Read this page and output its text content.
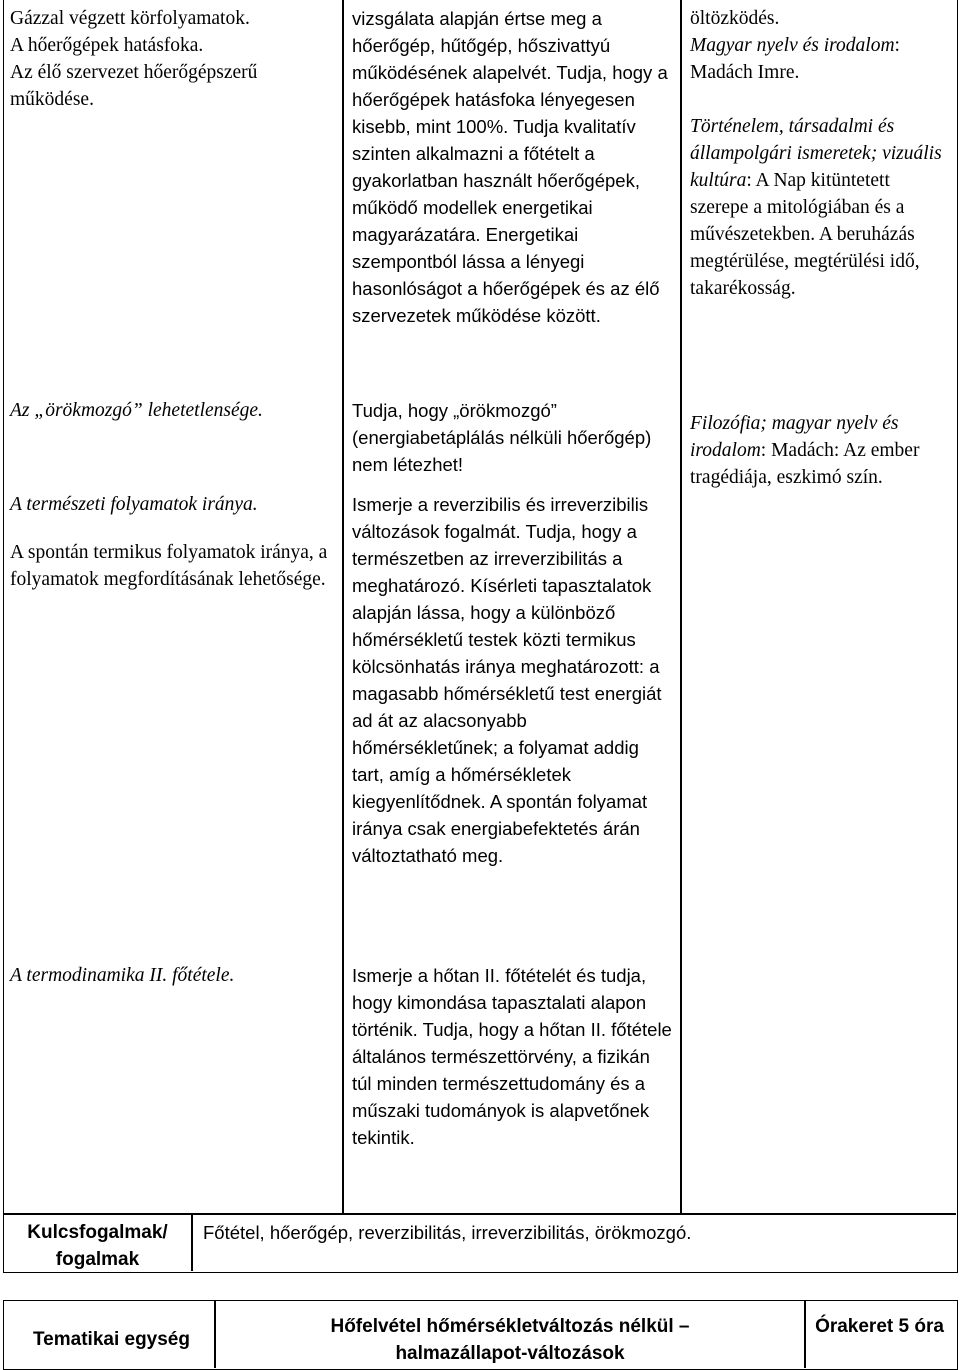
Gázzal végzett körfolyamatok.

A hőerőgépek hatásfoka.

Az élő szervezet hőerőgépszerű működése.

Az „örökmozgó” lehetetlensége.

A természeti folyamatok iránya.

A spontán termikus folyamatok iránya, a folyamatok megfordításának lehetősége.

A termodinamika II. főtétele.

vizsgálata alapján értse meg a hőerőgép, hűtőgép, hőszivattyú működésének alapelvét. Tudja, hogy a hőerőgépek hatásfoka lényegesen kisebb, mint 100%. Tudja kvalitatív szinten alkalmazni a főtételt a gyakorlatban használt hőerőgépek, működő modellek energetikai magyarázatára. Energetikai szempontból lássa a lényegi hasonlóságot a hőerőgépek és az élő szervezetek működése között.

Tudja, hogy „örökmozgó” (energiabetáplálás nélküli hőerőgép) nem létezhet!

Ismerje a reverzibilis és irreverzibilis változások fogalmát. Tudja, hogy a természetben az irreverzibilitás a meghatározó. Kísérleti tapasztalatok alapján lássa, hogy a különböző hőmérsékletű testek közti termikus kölcsönhatás iránya meghatározott: a magasabb hőmérsékletű test energiát ad át az alacsonyabb hőmérsékletűnek; a folyamat addig tart, amíg a hőmérsékletek kiegyenlítődnek. A spontán folyamat iránya csak energiabefektetés árán változtatható meg.

Ismerje a hőtan II. főtételét és tudja, hogy kimondása tapasztalati alapon történik. Tudja, hogy a hőtan II. főtétele általános természettörvény, a fizikán túl minden természettudomány és a műszaki tudományok is alapvetőnek tekintik.

öltözködés.

Magyar nyelv és irodalom: Madách Imre.

Történelem, társadalmi és állampolgári ismeretek; vizuális kultúra: A Nap kitüntetett szerepe a mitológiában és a művészetekben. A beruházás megtérülése, megtérülési idő, takarékosság.

Filozófia; magyar nyelv és irodalom: Madách: Az ember tragédiája, eszkimó szín.

Kulcsfogalmak/ fogalmak
Főtétel, hőerőgép, reverzibilitás, irreverzibilitás, örökmozgó.
Tematikai egység
Hőfelvétel hőmérsékletváltozás nélkül – halmazállapot-változások
Órakeret 5 óra
